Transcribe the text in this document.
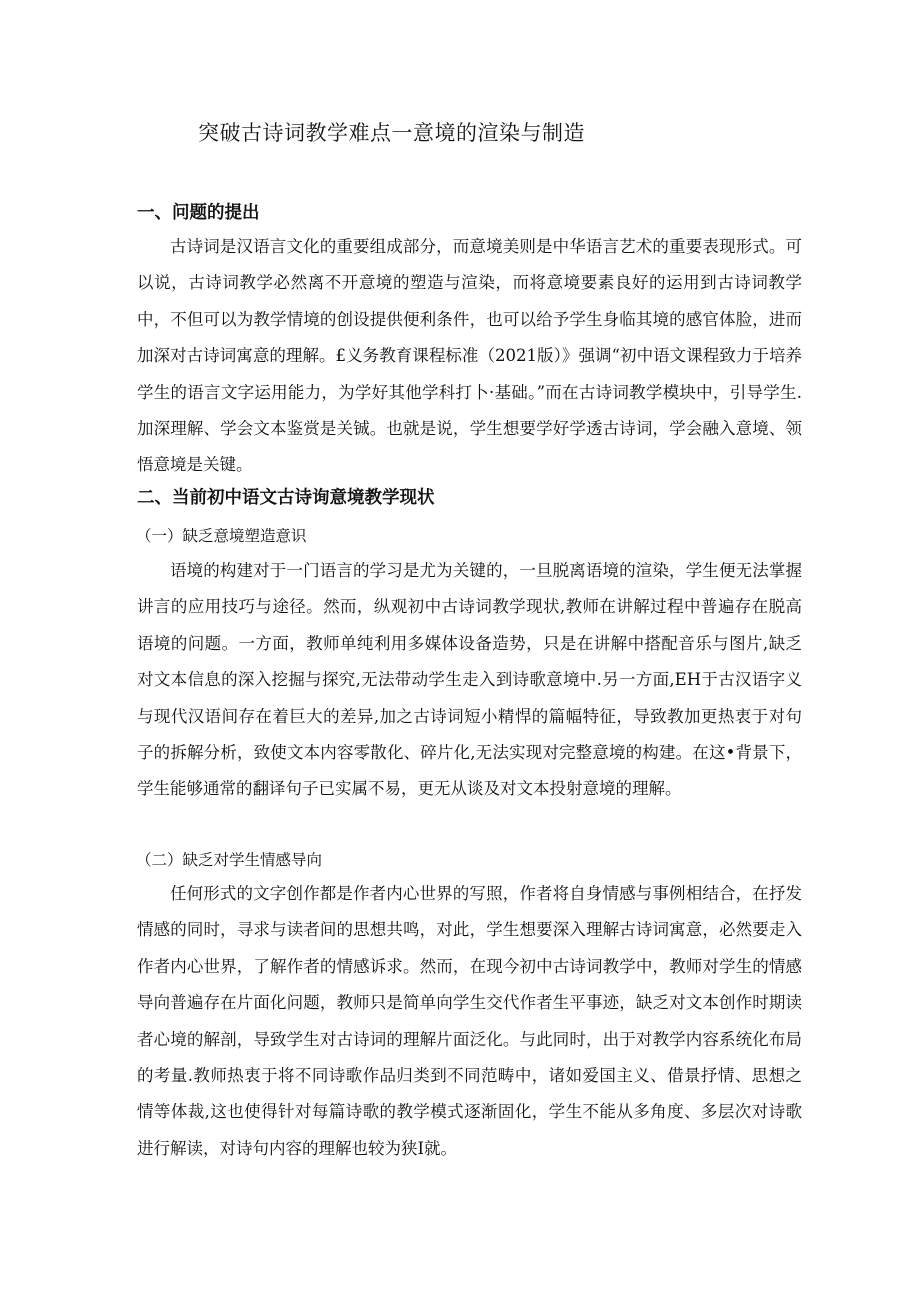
突破古诗词教学难点一意境的渲染与制造
一、问题的提出
古诗词是汉语言文化的重要组成部分，而意境美则是中华语言艺术的重要表现形式。可以说，古诗词教学必然离不开意境的塑造与渲染，而将意境要素良好的运用到古诗词教学中，不但可以为教学情境的创设提供便利条件，也可以给予学生身临其境的感官体脸，进而加深对古诗词寓意的理解。£义务教育课程标准（2021版）》强调“初中语文课程致力于培养学生的语言文字运用能力，为学好其他学科打卜·基础。”而在古诗词教学模块中，引导学生.加深理解、学会文本鉴赏是关铖。也就是说，学生想要学好学透古诗词，学会融入意境、领悟意境是关键。
二、当前初中语文古诗询意境教学现状
（一）缺乏意境塑造意识
语境的构建对于一门语言的学习是尤为关键的，一旦脱离语境的渲染，学生便无法掌握讲言的应用技巧与途径。然而，纵观初中古诗词教学现状,教师在讲解过程中普遍存在脱高语境的问题。一方面，教师单纯利用多媒体设备造势，只是在讲解中搭配音乐与图片,缺乏对文本信息的深入挖掘与探究,无法带动学生走入到诗歌意境中.另一方面,EH于古汉语字义与现代汉语间存在着巨大的差异,加之古诗词短小精悍的篇幅特征，导致教加更热衷于对句子的拆解分析，致使文本内容零散化、碎片化,无法实现对完整意境的构建。在这•背景下，学生能够通常的翻译句子已实属不易，更无从谈及对文本投射意境的理解。
（二）缺乏对学生情感导向
任何形式的文字创作都是作者内心世界的写照，作者将自身情感与事例相结合，在抒发情感的同时，寻求与读者间的思想共鸣，对此，学生想要深入理解古诗词寓意，必然要走入作者内心世界，了解作者的情感诉求。然而，在现今初中古诗词教学中，教师对学生的情感导向普遍存在片面化问题，教师只是简单向学生交代作者生平事迹，缺乏对文本创作时期读者心境的解剖，导致学生对古诗词的理解片面泛化。与此同时，出于对教学内容系统化布局的考量.教师热衷于将不同诗歌作品归类到不同范畴中，诸如爱国主义、借景抒情、思想之情等体裁,这也使得针对每篇诗歌的教学模式逐渐固化，学生不能从多角度、多层次对诗歌进行解读，对诗句内容的理解也较为狭I就。
